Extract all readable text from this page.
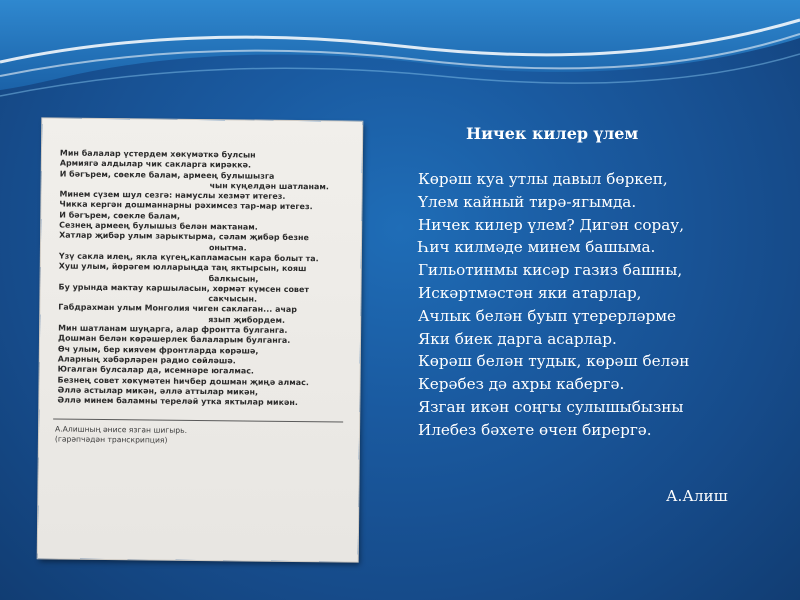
Мин балалар үстердем хөкүмәткә булсын
Армиягә алдылар чик сакларга кирәккә.
И бәгърем, сөекле балам, армеең булышызга
чын күңелдән шатланам.
Минем сүзем шул сезгә: намуслы хезмәт итегез.
Чикка кергән дошманнарны рәхимсез тар-мар итегез.
И бәгърем, сөекле балам,
Сезнең армеең булышыз белән мактанам.
Хатлар җибәр улым зарыктырма, сәлам җибәр безне
онытма.
Үзү сакла илең, якла күгең,капламасын кара болыт та.
Хуш улым, йөрәгем юлларыңда таң яктырсын, кояш
балкысын,
Бу урында мактау каршыласын, хөрмәт күмсен совет
сакчысын.
Габдрахман улым Монголия чиген саклаган... ачар
язып җибордем.
Мин шатланам шуңарга, алар фронтта булганга.
Дошман белән көрәшерлек балаларым булганга.
Өч улым, бер кияvем фронтларда көрәшә,
Аларның хәбәрләрен радио сөйләшә.
Югалган булсалар да, исемнәре югалмас.
Безнең совет хөкүмәтен һичбер дошман җиңә алмас.
Әллә астылар микән, әллә аттылар микән,
Әллә минем баламны терелəй утка яктылар микән.
А.Алишның әнисе язган шигырь.
(гарәпчәдән транскрипция)
Ничек килер үлем
Көрәш куа утлы давыл бөркеп,
Үлем кайный тирә-ягымда.
Ничек килер үлем? Дигән сорау,
Һич килмәде минем башыма.
Гильотинмы кисәр газиз башны,
Искәртмәстән яки атарлар,
Ачлык белән буып үтерерләрме
Яки биек дарга асарлар.
Көрәш белән тудык, көрәш белән
Керәбез дә ахры кабергә.
Язган икән соңгы сулышыбызны
Илебез бәхете өчен бирергә.
А.Алиш
